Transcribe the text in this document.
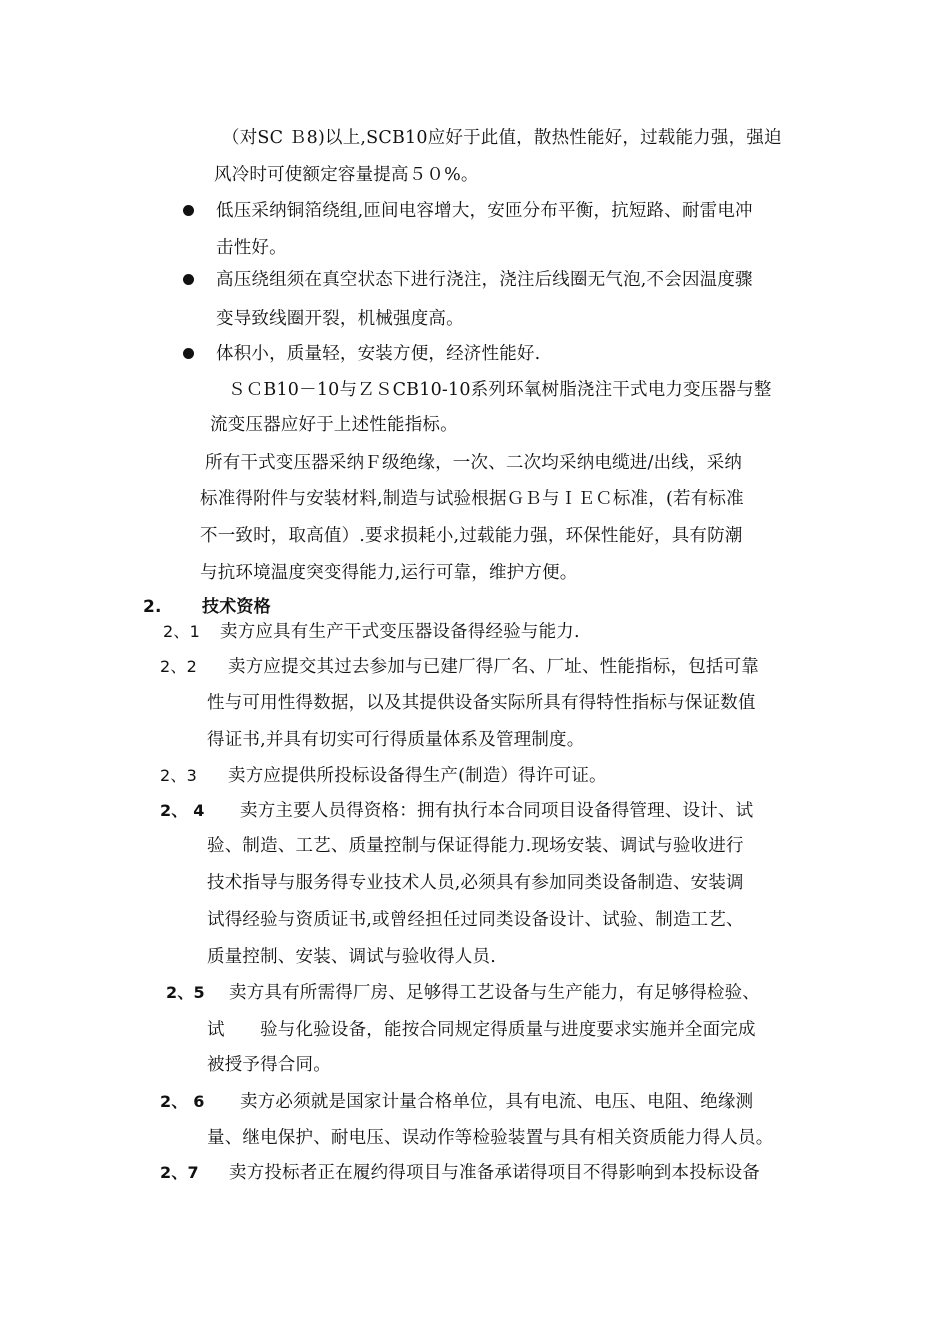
（对SC Ｂ8)以上,SCB10应好于此值，散热性能好，过载能力强，强迫
风冷时可使额定容量提高５０%。
低压采纳铜箔绕组,匝间电容增大，安匝分布平衡，抗短路、耐雷电冲
击性好。
高压绕组须在真空状态下进行浇注，浇注后线圈无气泡,不会因温度骤
变导致线圈开裂，机械强度高。
体积小，质量轻，安装方便，经济性能好.
ＳＣB10－10与ＺＳCB10-10系列环氧树脂浇注干式电力变压器与整
流变压器应好于上述性能指标。
所有干式变压器采纳Ｆ级绝缘，一次、二次均采纳电缆进/出线，采纳
标准得附件与安装材料,制造与试验根据ＧＢ与ＩＥＣ标准，(若有标准
不一致时，取高值）.要求损耗小,过载能力强，环保性能好，具有防潮
与抗环境温度突变得能力,运行可靠，维护方便。
2. 技术资格
2、1 卖方应具有生产干式变压器设备得经验与能力.
2、2 卖方应提交其过去参加与已建厂得厂名、厂址、性能指标，包括可靠
性与可用性得数据，以及其提供设备实际所具有得特性指标与保证数值
得证书,并具有切实可行得质量体系及管理制度。
2、3 卖方应提供所投标设备得生产(制造）得许可证。
2、 4 卖方主要人员得资格：拥有执行本合同项目设备得管理、设计、试
验、制造、工艺、质量控制与保证得能力.现场安装、调试与验收进行
技术指导与服务得专业技术人员,必须具有参加同类设备制造、安装调
试得经验与资质证书,或曾经担任过同类设备设计、试验、制造工艺、
质量控制、安装、调试与验收得人员.
2、5 卖方具有所需得厂房、足够得工艺设备与生产能力，有足够得检验、
试　　验与化验设备，能按合同规定得质量与进度要求实施并全面完成
被授予得合同。
2、 6 卖方必须就是国家计量合格单位，具有电流、电压、电阻、绝缘测
量、继电保护、耐电压、误动作等检验装置与具有相关资质能力得人员。
2、7 卖方投标者正在履约得项目与准备承诺得项目不得影响到本投标设备
